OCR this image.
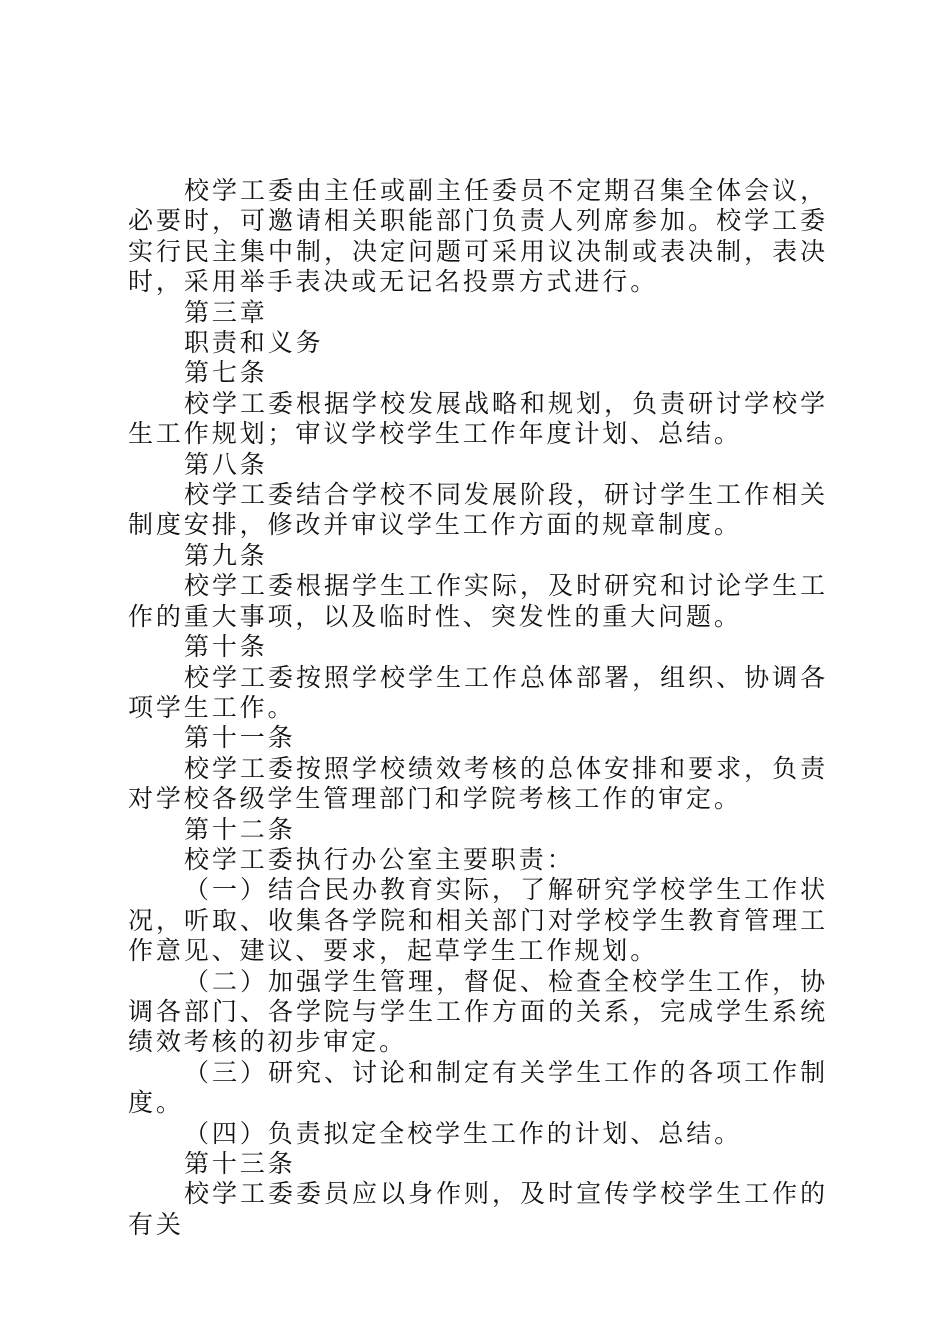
校学工委由主任或副主任委员不定期召集全体会议，必要时，可邀请相关职能部门负责人列席参加。校学工委实行民主集中制，决定问题可采用议决制或表决制，表决时，采用举手表决或无记名投票方式进行。
第三章
职责和义务
第七条
校学工委根据学校发展战略和规划，负责研讨学校学生工作规划；审议学校学生工作年度计划、总结。
第八条
校学工委结合学校不同发展阶段，研讨学生工作相关制度安排，修改并审议学生工作方面的规章制度。
第九条
校学工委根据学生工作实际，及时研究和讨论学生工作的重大事项，以及临时性、突发性的重大问题。
第十条
校学工委按照学校学生工作总体部署，组织、协调各项学生工作。
第十一条
校学工委按照学校绩效考核的总体安排和要求，负责对学校各级学生管理部门和学院考核工作的审定。
第十二条
校学工委执行办公室主要职责：
（一）结合民办教育实际，了解研究学校学生工作状况，听取、收集各学院和相关部门对学校学生教育管理工作意见、建议、要求，起草学生工作规划。
（二）加强学生管理，督促、检查全校学生工作，协调各部门、各学院与学生工作方面的关系，完成学生系统绩效考核的初步审定。
（三）研究、讨论和制定有关学生工作的各项工作制度。
（四）负责拟定全校学生工作的计划、总结。
第十三条
校学工委委员应以身作则，及时宣传学校学生工作的有关
